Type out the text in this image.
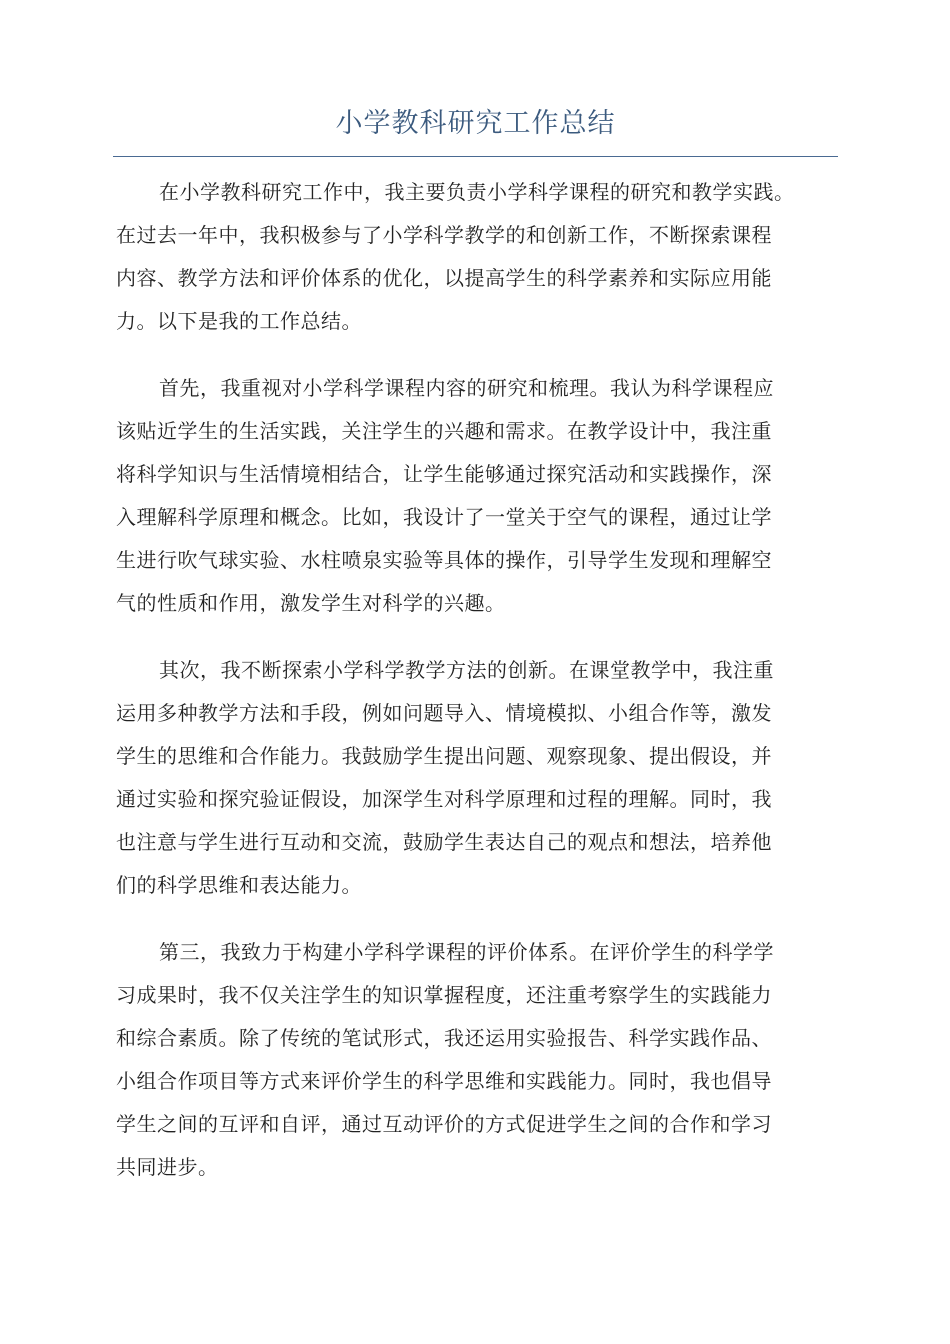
小学教科研究工作总结

在小学教科研究工作中，我主要负责小学科学课程的研究和教学实践。
在过去一年中，我积极参与了小学科学教学的和创新工作，不断探索课程
内容、教学方法和评价体系的优化，以提高学生的科学素养和实际应用能
力。以下是我的工作总结。

首先，我重视对小学科学课程内容的研究和梳理。我认为科学课程应
该贴近学生的生活实践，关注学生的兴趣和需求。在教学设计中，我注重
将科学知识与生活情境相结合，让学生能够通过探究活动和实践操作，深
入理解科学原理和概念。比如，我设计了一堂关于空气的课程，通过让学
生进行吹气球实验、水柱喷泉实验等具体的操作，引导学生发现和理解空
气的性质和作用，激发学生对科学的兴趣。

其次，我不断探索小学科学教学方法的创新。在课堂教学中，我注重
运用多种教学方法和手段，例如问题导入、情境模拟、小组合作等，激发
学生的思维和合作能力。我鼓励学生提出问题、观察现象、提出假设，并
通过实验和探究验证假设，加深学生对科学原理和过程的理解。同时，我
也注意与学生进行互动和交流，鼓励学生表达自己的观点和想法，培养他
们的科学思维和表达能力。

第三，我致力于构建小学科学课程的评价体系。在评价学生的科学学
习成果时，我不仅关注学生的知识掌握程度，还注重考察学生的实践能力
和综合素质。除了传统的笔试形式，我还运用实验报告、科学实践作品、
小组合作项目等方式来评价学生的科学思维和实践能力。同时，我也倡导
学生之间的互评和自评，通过互动评价的方式促进学生之间的合作和学习
共同进步。
